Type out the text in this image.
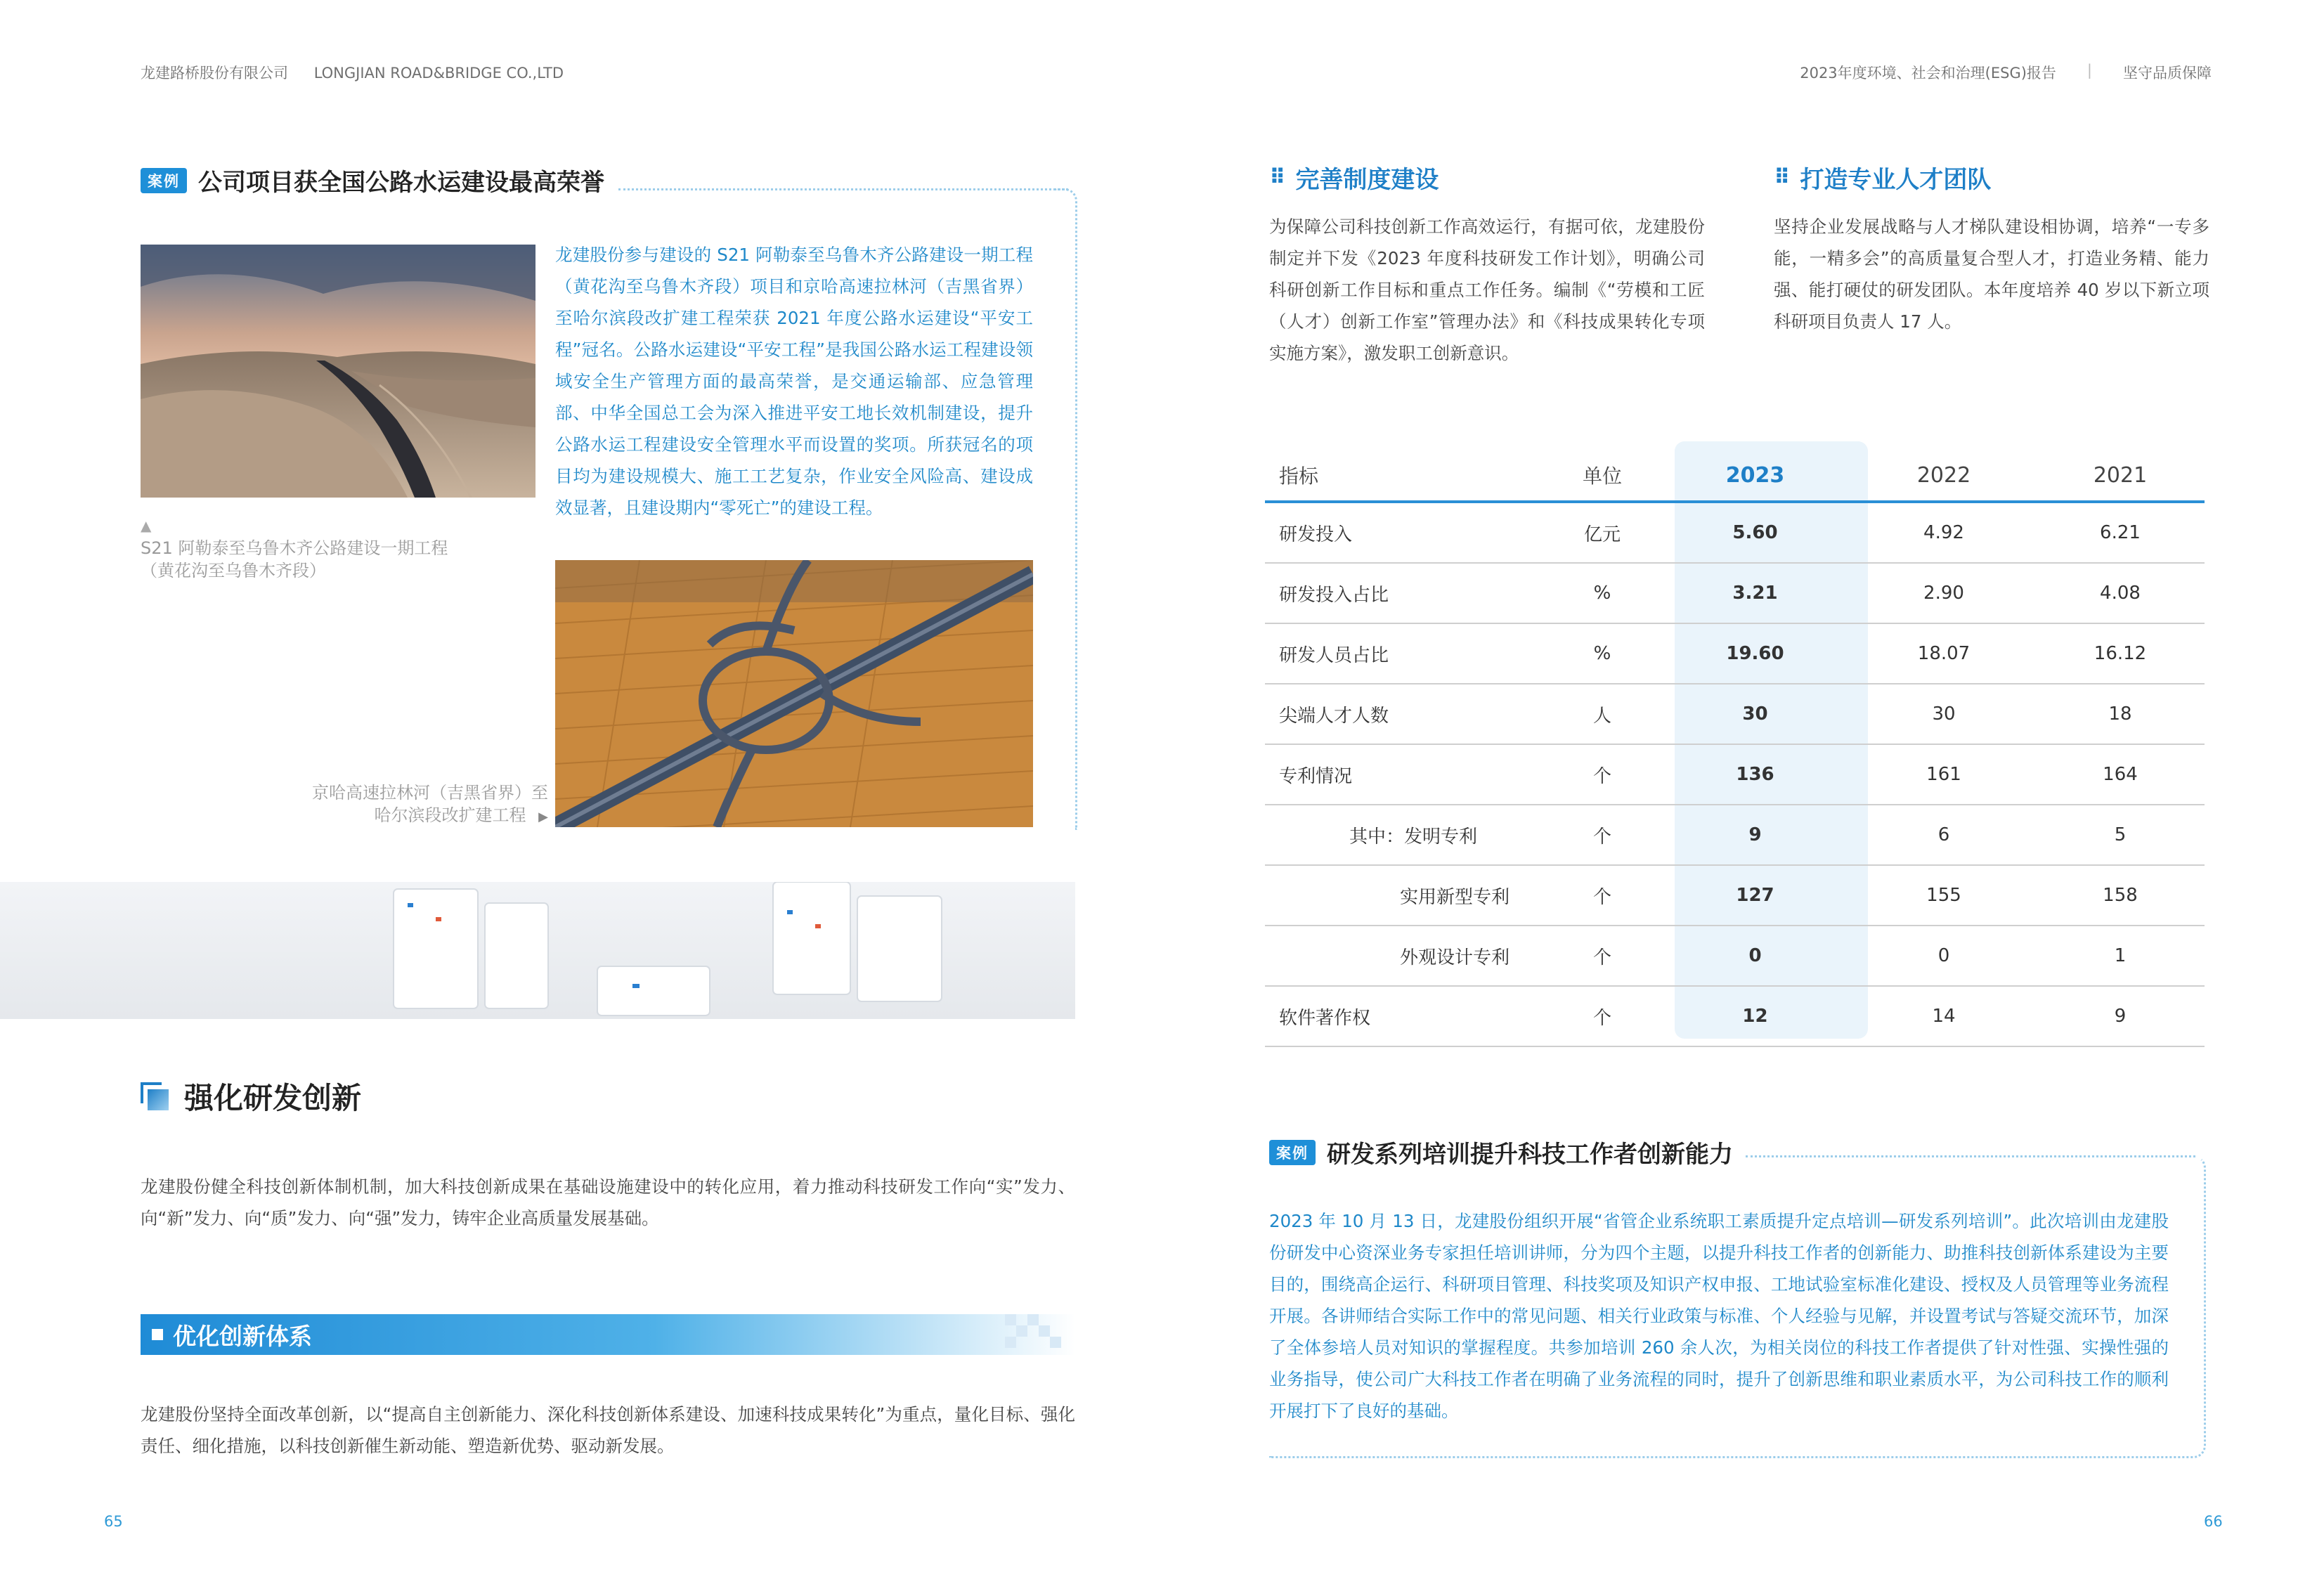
龙建路桥股份有限公司 LONGJIAN ROAD&BRIDGE CO.,LTD	2023年度环境、社会和治理(ESG)报告 | 坚守品质保障
案例 公司项目获全国公路水运建设最高荣誉
▲
S21 阿勒泰至乌鲁木齐公路建设一期工程
（黄花沟至乌鲁木齐段）
龙建股份参与建设的 S21 阿勒泰至乌鲁木齐公路建设一期工程（黄花沟至乌鲁木齐段）项目和京哈高速拉林河（吉黑省界）至哈尔滨段改扩建工程荣获 2021 年度公路水运建设“平安工程”冠名。公路水运建设“平安工程”是我国公路水运工程建设领域安全生产管理方面的最高荣誉，是交通运输部、应急管理部、中华全国总工会为深入推进平安工地长效机制建设，提升公路水运工程建设安全管理水平而设置的奖项。所获冠名的项目均为建设规模大、施工工艺复杂，作业安全风险高、建设成效显著，且建设期内“零死亡”的建设工程。
京哈高速拉林河（吉黑省界）至
哈尔滨段改扩建工程 ▶
强化研发创新
龙建股份健全科技创新体制机制，加大科技创新成果在基础设施建设中的转化应用，着力推动科技研发工作向“实”发力、向“新”发力、向“质”发力、向“强”发力，铸牢企业高质量发展基础。
优化创新体系
龙建股份坚持全面改革创新，以“提高自主创新能力、深化科技创新体系建设、加速科技成果转化”为重点，量化目标、强化责任、细化措施，以科技创新催生新动能、塑造新优势、驱动新发展。
65
⠿ 完善制度建设
为保障公司科技创新工作高效运行，有据可依，龙建股份制定并下发《2023 年度科技研发工作计划》，明确公司科研创新工作目标和重点工作任务。编制《“劳模和工匠（人才）创新工作室”管理办法》和《科技成果转化专项实施方案》，激发职工创新意识。
⠿ 打造专业人才团队
坚持企业发展战略与人才梯队建设相协调，培养“一专多能，一精多会”的高质量复合型人才，打造业务精、能力强、能打硬仗的研发团队。本年度培养 40 岁以下新立项科研项目负责人 17 人。
指标	单位	2023	2022	2021
研发投入	亿元	5.60	4.92	6.21
研发投入占比	%	3.21	2.90	4.08
研发人员占比	%	19.60	18.07	16.12
尖端人才人数	人	30	30	18
专利情况	个	136	161	164
其中：发明专利	个	9	6	5
实用新型专利	个	127	155	158
外观设计专利	个	0	0	1
软件著作权	个	12	14	9
案例 研发系列培训提升科技工作者创新能力
2023 年 10 月 13 日，龙建股份组织开展“省管企业系统职工素质提升定点培训—研发系列培训”。此次培训由龙建股份研发中心资深业务专家担任培训讲师，分为四个主题，以提升科技工作者的创新能力、助推科技创新体系建设为主要目的，围绕高企运行、科研项目管理、科技奖项及知识产权申报、工地试验室标准化建设、授权及人员管理等业务流程开展。各讲师结合实际工作中的常见问题、相关行业政策与标准、个人经验与见解，并设置考试与答疑交流环节，加深了全体参培人员对知识的掌握程度。共参加培训 260 余人次，为相关岗位的科技工作者提供了针对性强、实操性强的业务指导，使公司广大科技工作者在明确了业务流程的同时，提升了创新思维和职业素质水平，为公司科技工作的顺利开展打下了良好的基础。
66
